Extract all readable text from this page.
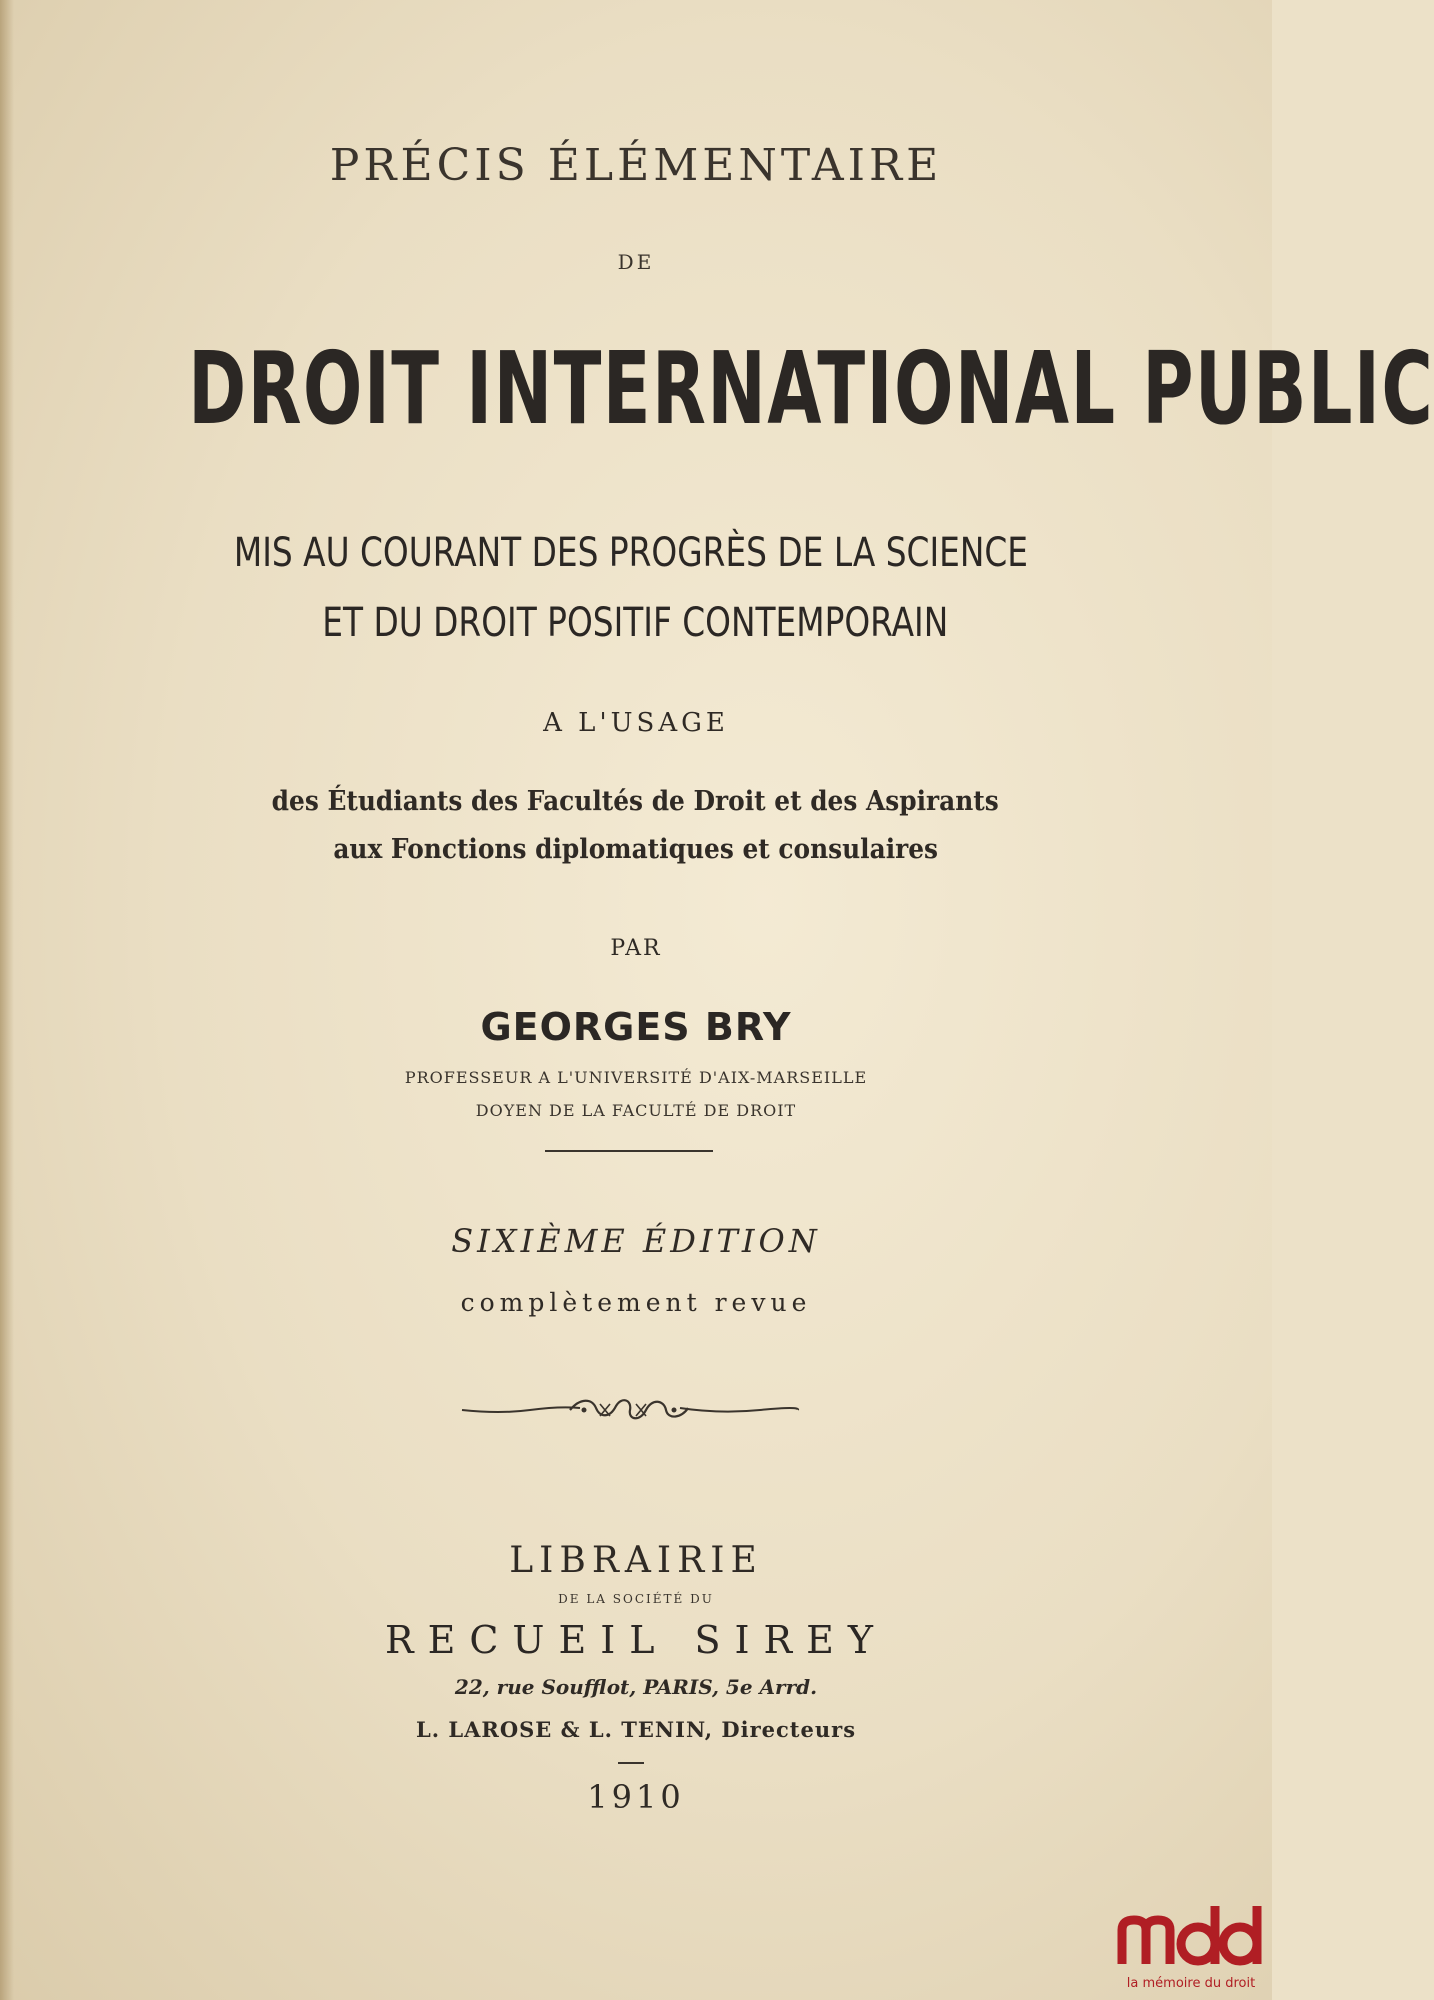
PRÉCIS ÉLÉMENTAIRE
DE
DROIT INTERNATIONAL PUBLIC
MIS AU COURANT DES PROGRÈS DE LA SCIENCE
ET DU DROIT POSITIF CONTEMPORAIN
A L'USAGE
des Étudiants des Facultés de Droit et des Aspirants
aux Fonctions diplomatiques et consulaires
PAR
GEORGES BRY
PROFESSEUR A L'UNIVERSITÉ D'AIX-MARSEILLE
DOYEN DE LA FACULTÉ DE DROIT
SIXIÈME ÉDITION
complètement revue
LIBRAIRIE
DE LA SOCIÉTÉ DU
RECUEIL SIREY
22, rue Soufflot, PARIS, 5e Arrd.
L. LAROSE & L. TENIN, Directeurs
1910
la mémoire du droit
